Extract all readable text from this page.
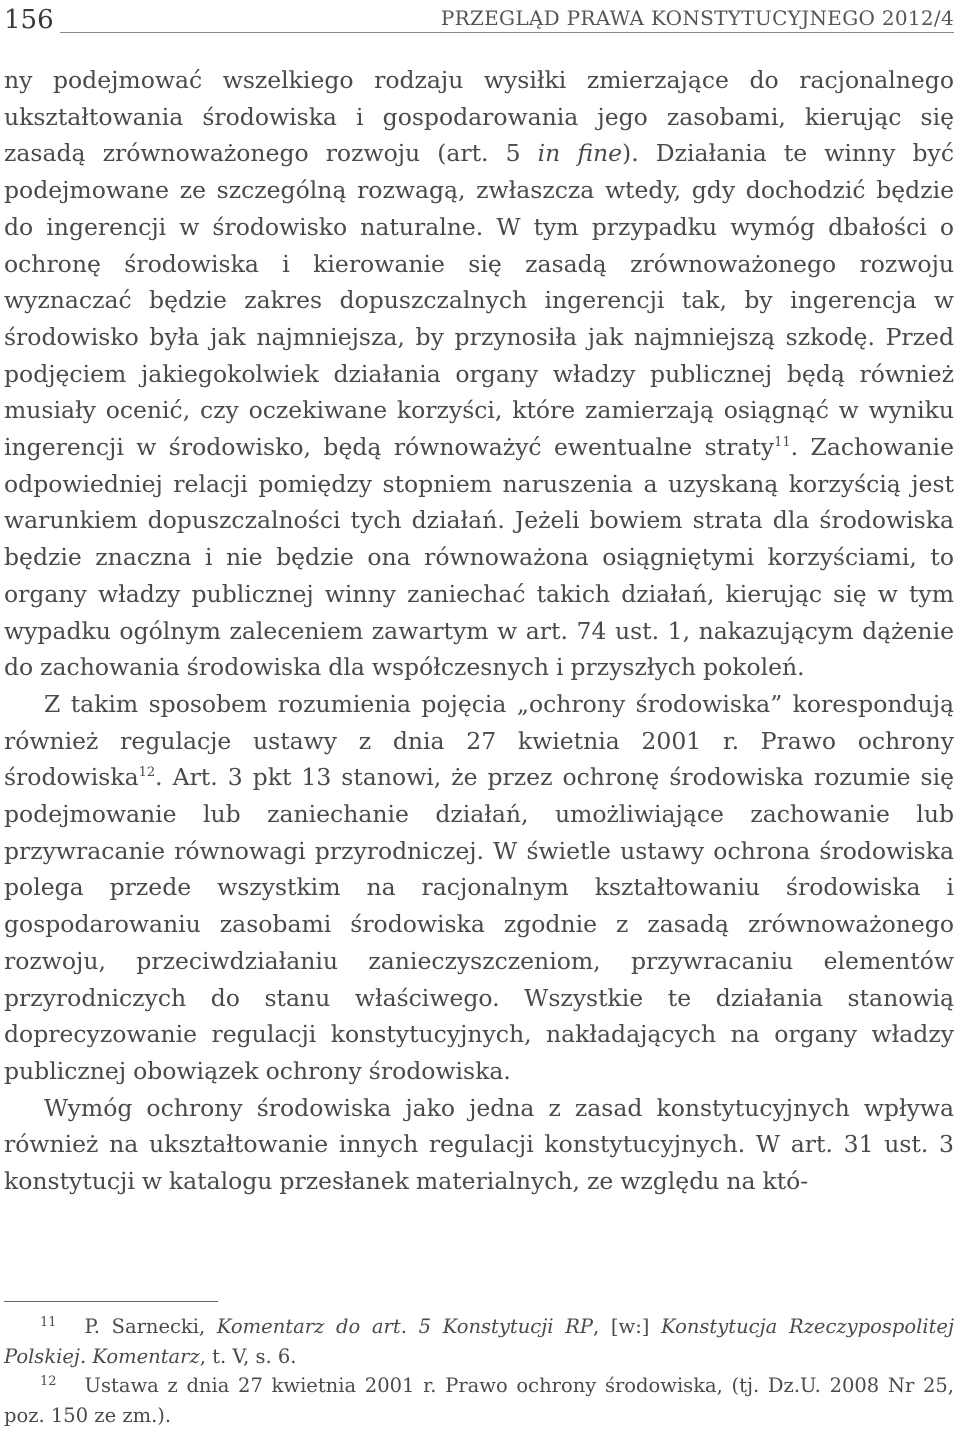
156	PRZEGLĄD PRAWA KONSTYTUCYJNEGO 2012/4

ny podejmować wszelkiego rodzaju wysiłki zmierzające do racjonalnego ukształtowania środowiska i gospodarowania jego zasobami, kierując się zasadą zrównoważonego rozwoju (art. 5 in fine). Działania te winny być podejmowane ze szczególną rozwagą, zwłaszcza wtedy, gdy dochodzić będzie do ingerencji w środowisko naturalne. W tym przypadku wymóg dbałości o ochronę środowiska i kierowanie się zasadą zrównoważonego rozwoju wyznaczać będzie zakres dopuszczalnych ingerencji tak, by ingerencja w środowisko była jak najmniejsza, by przynosiła jak najmniejszą szkodę. Przed podjęciem jakiegokolwiek działania organy władzy publicznej będą również musiały ocenić, czy oczekiwane korzyści, które zamierzają osiągnąć w wyniku ingerencji w środowisko, będą równoważyć ewentualne straty$^{11}$. Zachowanie odpowiedniej relacji pomiędzy stopniem naruszenia a uzyskaną korzyścią jest warunkiem dopuszczalności tych działań. Jeżeli bowiem strata dla środowiska będzie znaczna i nie będzie ona równoważona osiągniętymi korzyściami, to organy władzy publicznej winny zaniechać takich działań, kierując się w tym wypadku ogólnym zaleceniem zawartym w art. 74 ust. 1, nakazującym dążenie do zachowania środowiska dla współczesnych i przyszłych pokoleń.

Z takim sposobem rozumienia pojęcia „ochrony środowiska” korespondują również regulacje ustawy z dnia 27 kwietnia 2001 r. Prawo ochrony środowiska$^{12}$. Art. 3 pkt 13 stanowi, że przez ochronę środowiska rozumie się podejmowanie lub zaniechanie działań, umożliwiające zachowanie lub przywracanie równowagi przyrodniczej. W świetle ustawy ochrona środowiska polega przede wszystkim na racjonalnym kształtowaniu środowiska i gospodarowaniu zasobami środowiska zgodnie z zasadą zrównoważonego rozwoju, przeciwdziałaniu zanieczyszczeniom, przywracaniu elementów przyrodniczych do stanu właściwego. Wszystkie te działania stanowią doprecyzowanie regulacji konstytucyjnych, nakładających na organy władzy publicznej obowiązek ochrony środowiska.

Wymóg ochrony środowiska jako jedna z zasad konstytucyjnych wpływa również na ukształtowanie innych regulacji konstytucyjnych. W art. 31 ust. 3 konstytucji w katalogu przesłanek materialnych, ze względu na któ-

$^{11}$ P. Sarnecki, Komentarz do art. 5 Konstytucji RP, [w:] Konstytucja Rzeczypospolitej Polskiej. Komentarz, t. V, s. 6.

$^{12}$ Ustawa z dnia 27 kwietnia 2001 r. Prawo ochrony środowiska, (tj. Dz.U. 2008 Nr 25, poz. 150 ze zm.).
